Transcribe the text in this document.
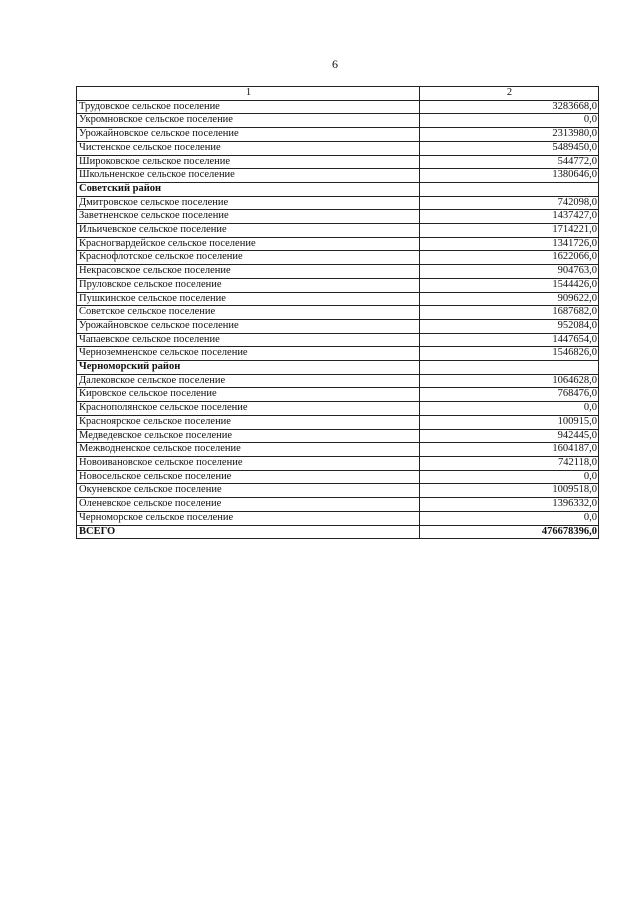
6
1	2
Трудовское сельское поселение	3283668,0
Укромновское сельское поселение	0,0
Урожайновское сельское поселение	2313980,0
Чистенское сельское поселение	5489450,0
Широковское сельское поселение	544772,0
Школьненское сельское поселение	1380646,0
Советский район	
Дмитровское сельское поселение	742098,0
Заветненское сельское поселение	1437427,0
Ильичевское сельское поселение	1714221,0
Красногвардейское сельское поселение	1341726,0
Краснофлотское сельское поселение	1622066,0
Некрасовское сельское поселение	904763,0
Пруловское сельское поселение	1544426,0
Пушкинское сельское поселение	909622,0
Советское сельское поселение	1687682,0
Урожайновское сельское поселение	952084,0
Чапаевское сельское поселение	1447654,0
Черноземненское сельское поселение	1546826,0
Черноморский район	
Далековское сельское поселение	1064628,0
Кировское сельское поселение	768476,0
Краснополянское сельское поселение	0,0
Красноярское сельское поселение	100915,0
Медведевское сельское поселение	942445,0
Межводненское сельское поселение	1604187,0
Новоивановское сельское поселение	742118,0
Новосельское сельское поселение	0,0
Окуневское сельское поселение	1009518,0
Оленевское сельское поселение	1396332,0
Черноморское сельское поселение	0,0
ВСЕГО	476678396,0
